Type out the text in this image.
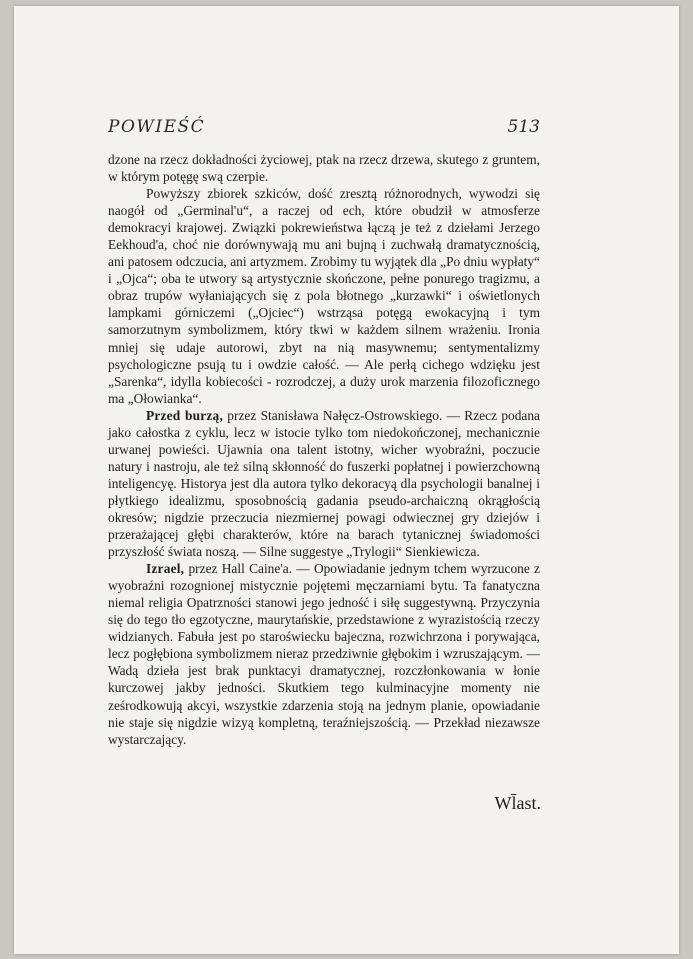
POWIEŚĆ	513

dzone na rzecz dokładności życiowej, ptak na rzecz drzewa, skutego z gruntem, w którym potęgę swą czerpie.

Powyższy zbiorek szkiców, dość zresztą różnorodnych, wywodzi się naogół od „Germinal'u“, a raczej od ech, które obudził w atmosferze demokracyi krajowej. Związki pokrewieństwa łączą je też z dziełami Jerzego Eekhoud'a, choć nie dorównywają mu ani bujną i zuchwałą dramatycznością, ani patosem odczucia, ani artyzmem. Zrobimy tu wyjątek dla „Po dniu wypłaty“ i „Ojca“; oba te utwory są artystycznie skończone, pełne ponurego tragizmu, a obraz trupów wyłaniających się z pola błotnego „kurzawki“ i oświetlonych lampkami górniczemi („Ojciec“) wstrząsa potęgą ewokacyjną i tym samorzutnym symbolizmem, który tkwi w każdem silnem wrażeniu. Ironia mniej się udaje autorowi, zbyt na nią masywnemu; sentymentalizmy psychologiczne psują tu i owdzie całość. — Ale perłą cichego wdzięku jest „Sarenka“, idylla kobiecości - rozrodczej, a duży urok marzenia filozoficznego ma „Ołowianka“.

Przed burzą, przez Stanisława Nałęcz-Ostrowskiego. — Rzecz podana jako całostka z cyklu, lecz w istocie tylko tom niedokończonej, mechanicznie urwanej powieści. Ujawnia ona talent istotny, wicher wyobraźni, poczucie natury i nastroju, ale też silną skłonność do fuszerki popłatnej i powierzchowną inteligencyę. Historya jest dla autora tylko dekoracyą dla psychologii banalnej i płytkiego idealizmu, sposobnością gadania pseudo-archaiczną okrągłością okresów; nigdzie przeczucia niezmiernej powagi odwiecznej gry dziejów i przerażającej głębi charakterów, które na barach tytanicznej świadomości przyszłość świata noszą. — Silne suggestye „Trylogii“ Sienkiewicza.

Izrael, przez Hall Caine'a. — Opowiadanie jednym tchem wyrzucone z wyobraźni rozognionej mistycznie pojętemi męczarniami bytu. Ta fanatyczna niemal religia Opatrzności stanowi jego jedność i siłę suggestywną. Przyczynia się do tego tło egzotyczne, maurytańskie, przedstawione z wyrazistością rzeczy widzianych. Fabuła jest po staroświecku bajeczna, rozwichrzona i porywająca, lecz pogłębiona symbolizmem nieraz przedziwnie głębokim i wzruszającym. — Wadą dzieła jest brak punktacyi dramatycznej, rozczłonkowania w łonie kurczowej jakby jedności. Skutkiem tego kulminacyjne momenty nie ześrodkowują akcyi, wszystkie zdarzenia stoją na jednym planie, opowiadanie nie staje się nigdzie wizyą kompletną, teraźniejszością. — Przekład niezawsze wystarczający.

Wl̄ast.
